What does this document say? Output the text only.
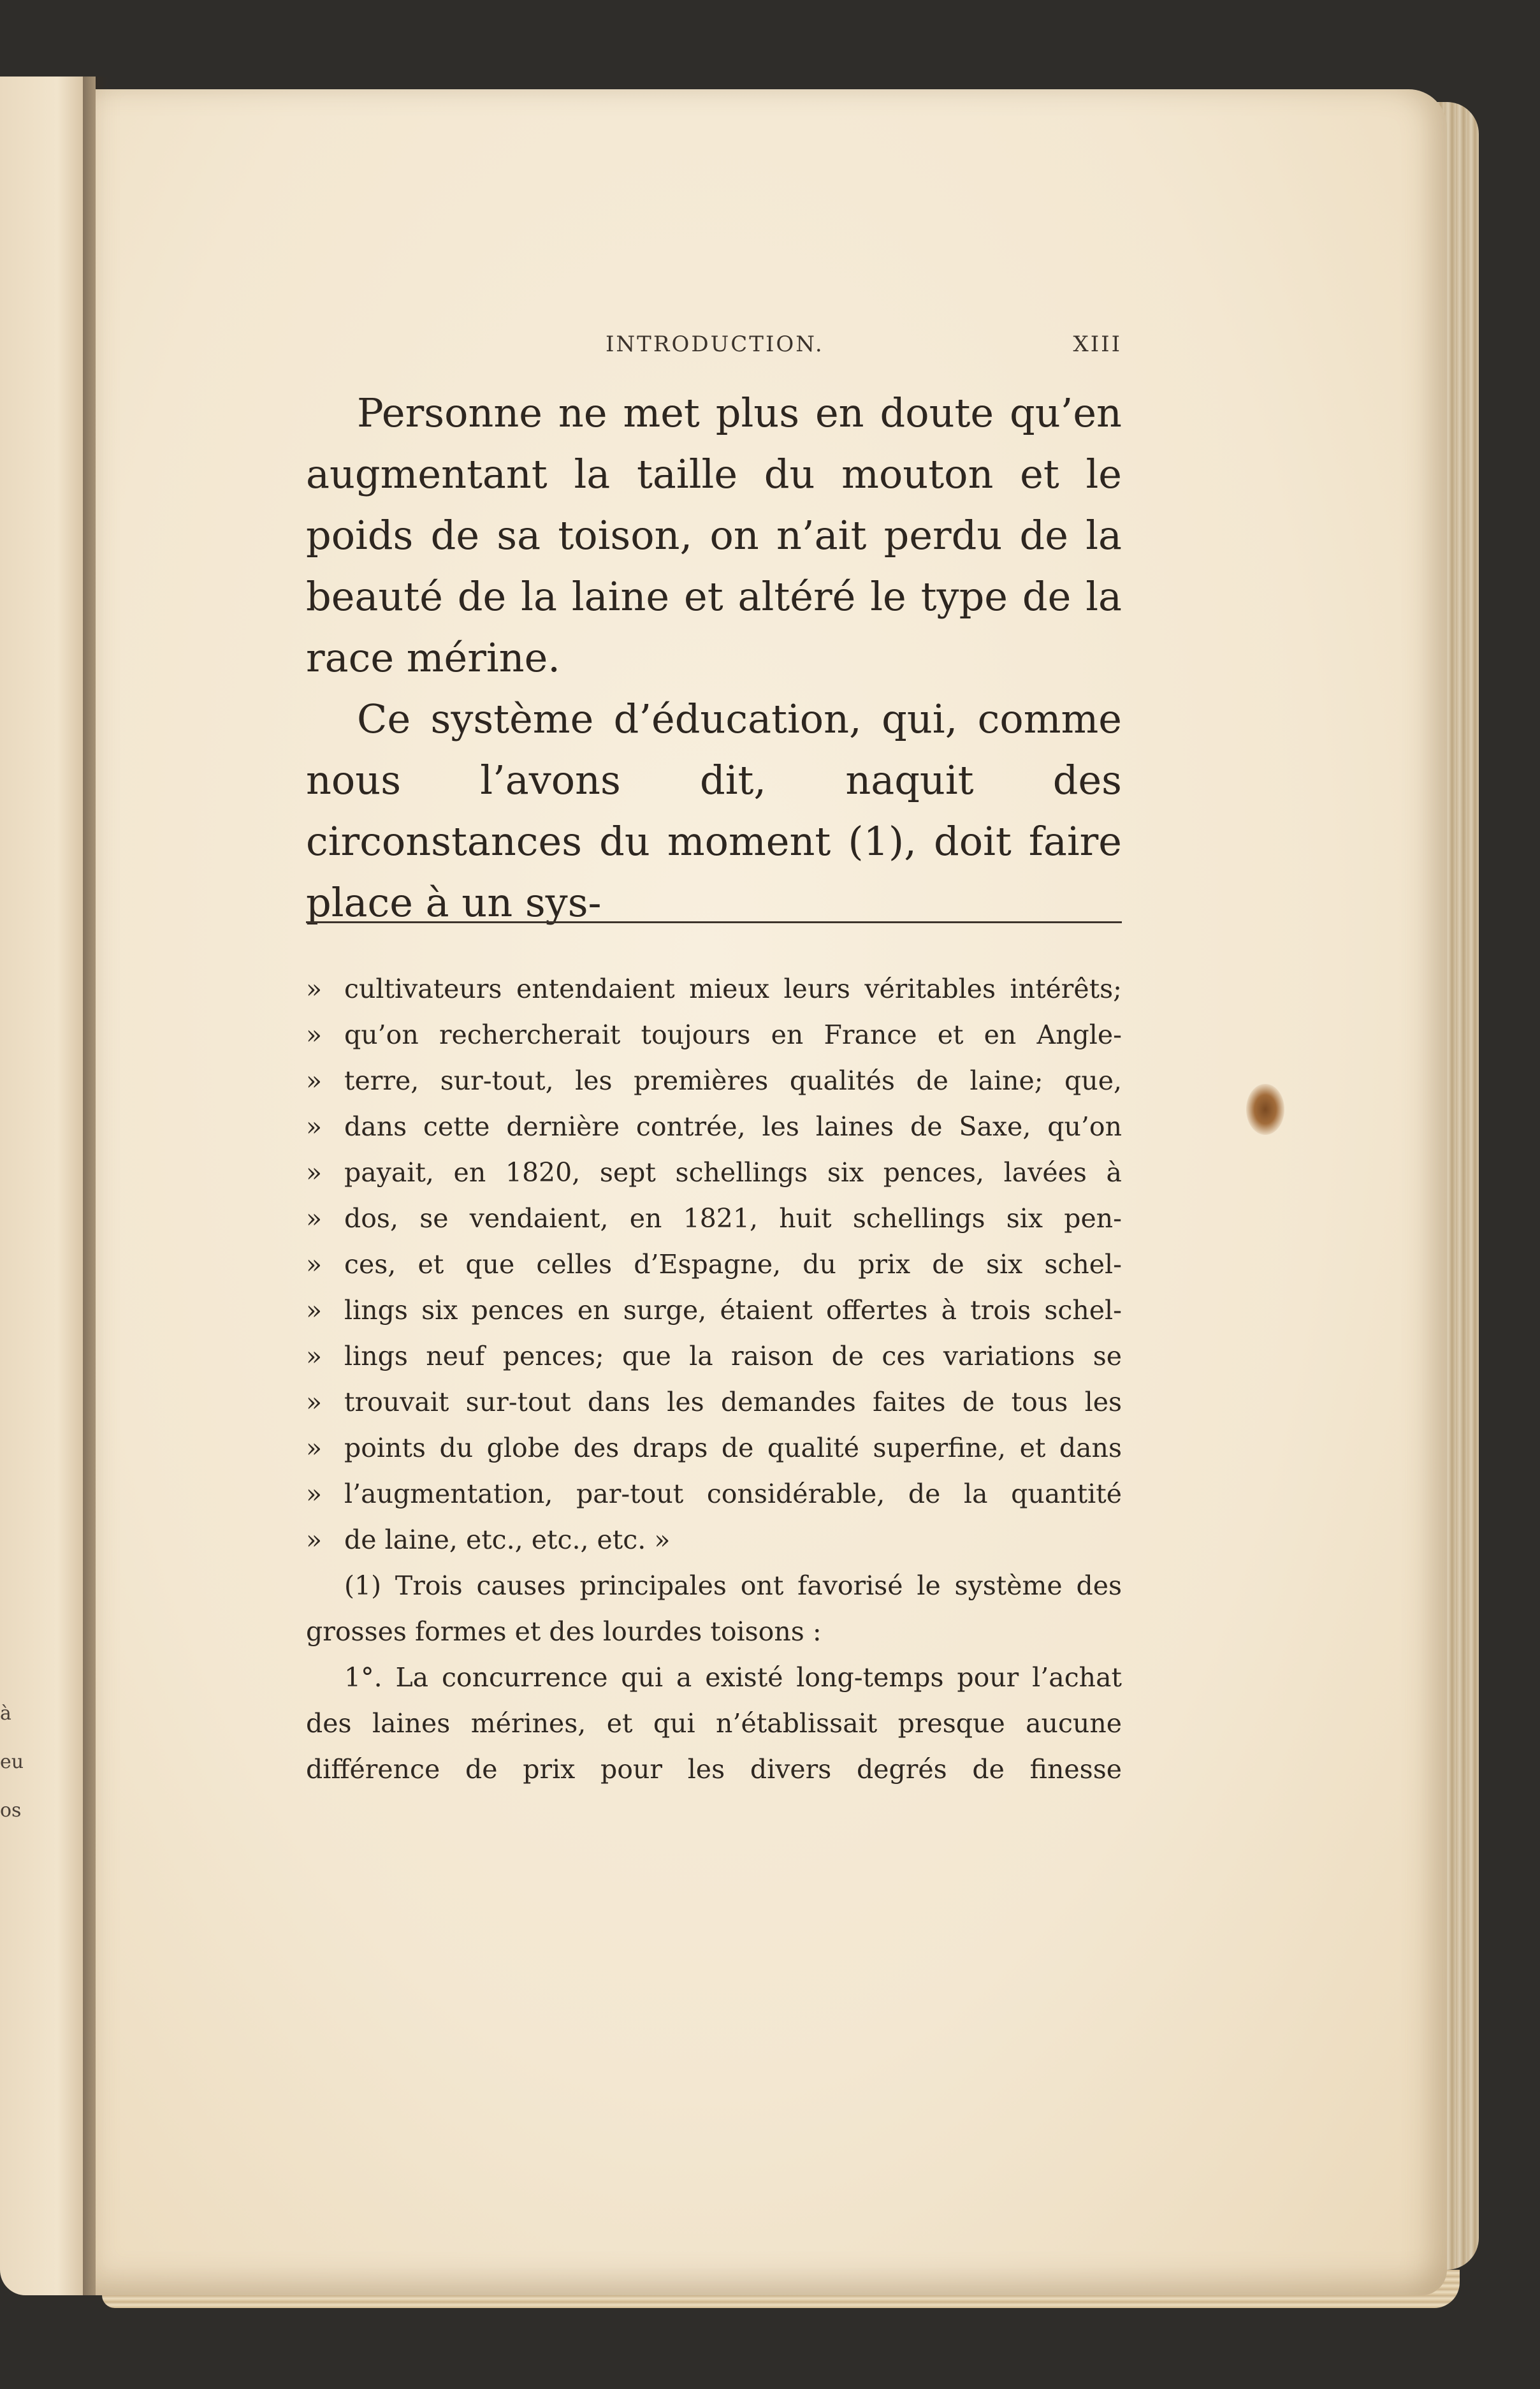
à
eu
os
INTRODUCTION.	XIII

Personne ne met plus en doute qu’en augmentant la taille du mouton et le poids de sa toison, on n’ait perdu de la beauté de la laine et altéré le type de la race mérine.

Ce système d’éducation, qui, comme nous l’avons dit, naquit des circonstances du moment (1), doit faire place à un sys-

» cultivateurs entendaient mieux leurs véritables intérêts;
» qu’on rechercherait toujours en France et en Angle-
» terre, sur-tout, les premières qualités de laine; que,
» dans cette dernière contrée, les laines de Saxe, qu’on
» payait, en 1820, sept schellings six pences, lavées à
» dos, se vendaient, en 1821, huit schellings six pen-
» ces, et que celles d’Espagne, du prix de six schel-
» lings six pences en surge, étaient offertes à trois schel-
» lings neuf pences; que la raison de ces variations se
» trouvait sur-tout dans les demandes faites de tous les
» points du globe des draps de qualité superfine, et dans
» l’augmentation, par-tout considérable, de la quantité
» de laine, etc., etc., etc. »

(1) Trois causes principales ont favorisé le système des grosses formes et des lourdes toisons :

1°. La concurrence qui a existé long-temps pour l’achat des laines mérines, et qui n’établissait presque aucune différence de prix pour les divers degrés de finesse
